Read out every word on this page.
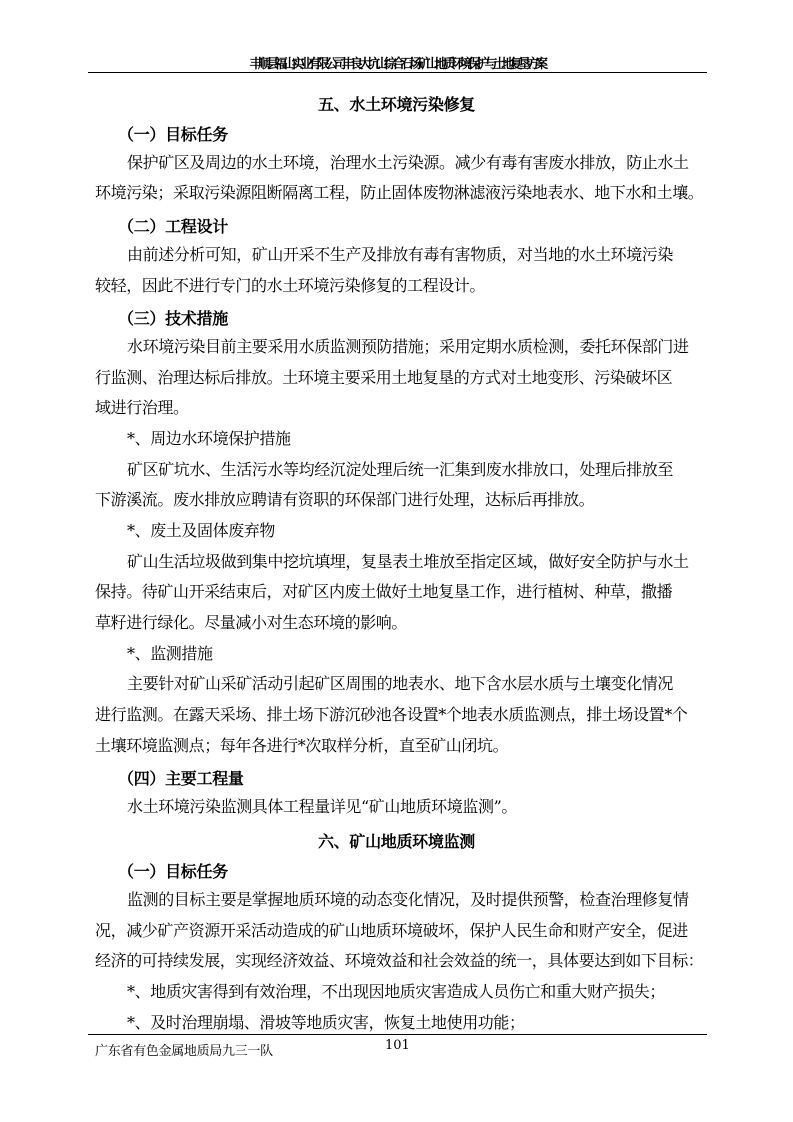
丰顺县福山实业有限公司丰良大坑山综合石场矿山地质环境保护与土地复垦方案
五、水土环境污染修复
（一）目标任务
保护矿区及周边的水土环境，治理水土污染源。减少有毒有害废水排放，防止水土
环境污染；采取污染源阻断隔离工程，防止固体废物淋滤液污染地表水、地下水和土壤。
（二）工程设计
由前述分析可知，矿山开采不生产及排放有毒有害物质，对当地的水土环境污染
较轻，因此不进行专门的水土环境污染修复的工程设计。
（三）技术措施
水环境污染目前主要采用水质监测预防措施；采用定期水质检测，委托环保部门进
行监测、治理达标后排放。土环境主要采用土地复垦的方式对土地变形、污染破坏区
域进行治理。
*、周边水环境保护措施
矿区矿坑水、生活污水等均经沉淀处理后统一汇集到废水排放口，处理后排放至
下游溪流。废水排放应聘请有资职的环保部门进行处理，达标后再排放。
*、废土及固体废弃物
矿山生活垃圾做到集中挖坑填埋，复垦表土堆放至指定区域，做好安全防护与水土
保持。待矿山开采结束后，对矿区内废土做好土地复垦工作，进行植树、种草，撒播
草籽进行绿化。尽量减小对生态环境的影响。
*、监测措施
主要针对矿山采矿活动引起矿区周围的地表水、地下含水层水质与土壤变化情况
进行监测。在露天采场、排土场下游沉砂池各设置*个地表水质监测点，排土场设置*个
土壤环境监测点；每年各进行*次取样分析，直至矿山闭坑。
（四）主要工程量
水土环境污染监测具体工程量详见“矿山地质环境监测”。
六、矿山地质环境监测
（一）目标任务
监测的目标主要是掌握地质环境的动态变化情况，及时提供预警，检查治理修复情
况，减少矿产资源开采活动造成的矿山地质环境破坏，保护人民生命和财产安全，促进
经济的可持续发展，实现经济效益、环境效益和社会效益的统一，具体要达到如下目标：
*、地质灾害得到有效治理，不出现因地质灾害造成人员伤亡和重大财产损失；
*、及时治理崩塌、滑坡等地质灾害，恢复土地使用功能；
广东省有色金属地质局九三一队	101
